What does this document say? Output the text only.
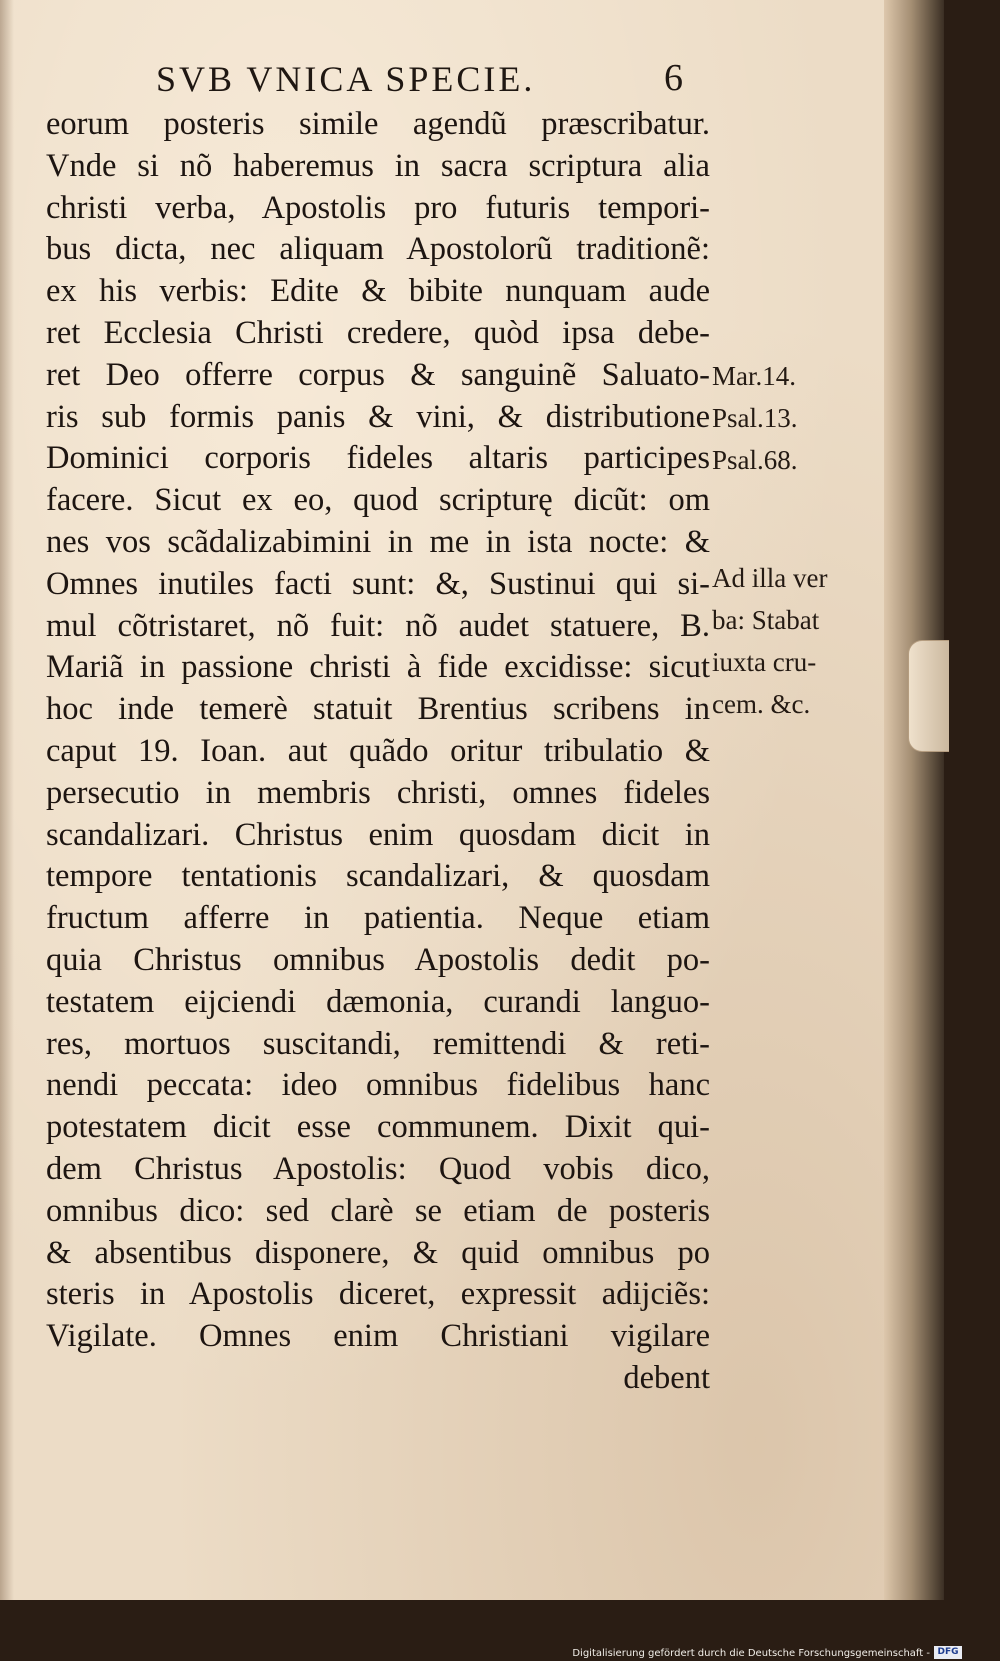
SVB VNICA SPECIE.	6
eorum posteris simile agendũ præscribatur.
Vnde si nõ haberemus in sacra scriptura alia
christi verba, Apostolis pro futuris tempori-
bus dicta, nec aliquam Apostolorũ traditionẽ:
ex his verbis: Edite & bibite nunquam aude
ret Ecclesia Christi credere, quòd ipsa debe-
ret Deo offerre corpus & sanguinẽ Saluato-
ris sub formis panis & vini, & distributione
Dominici corporis fideles altaris participes
facere. Sicut ex eo, quod scripturę dicũt: om
nes vos scãdalizabimini in me in ista nocte: &
Omnes inutiles facti sunt: &, Sustinui qui si-
mul cõtristaret, nõ fuit: nõ audet statuere, B.
Mariã in passione christi à fide excidisse: sicut
hoc inde temerè statuit Brentius scribens in
caput 19. Ioan. aut quãdo oritur tribulatio &
persecutio in membris christi, omnes fideles
scandalizari. Christus enim quosdam dicit in
tempore tentationis scandalizari, & quosdam
fructum afferre in patientia. Neque etiam
quia Christus omnibus Apostolis dedit po-
testatem eijciendi dæmonia, curandi languo-
res, mortuos suscitandi, remittendi & reti-
nendi peccata: ideo omnibus fidelibus hanc
potestatem dicit esse communem. Dixit qui-
dem Christus Apostolis: Quod vobis dico,
omnibus dico: sed clarè se etiam de posteris
& absentibus disponere, & quid omnibus po
steris in Apostolis diceret, expressit adijciẽs:
Vigilate. Omnes enim Christiani vigilare
debent
Mar.14.
Psal.13.
Psal.68.
Ad illa ver
ba: Stabat
iuxta cru-
cem. &c.
Digitalisierung gefördert durch die Deutsche Forschungsgemeinschaft - DFG
